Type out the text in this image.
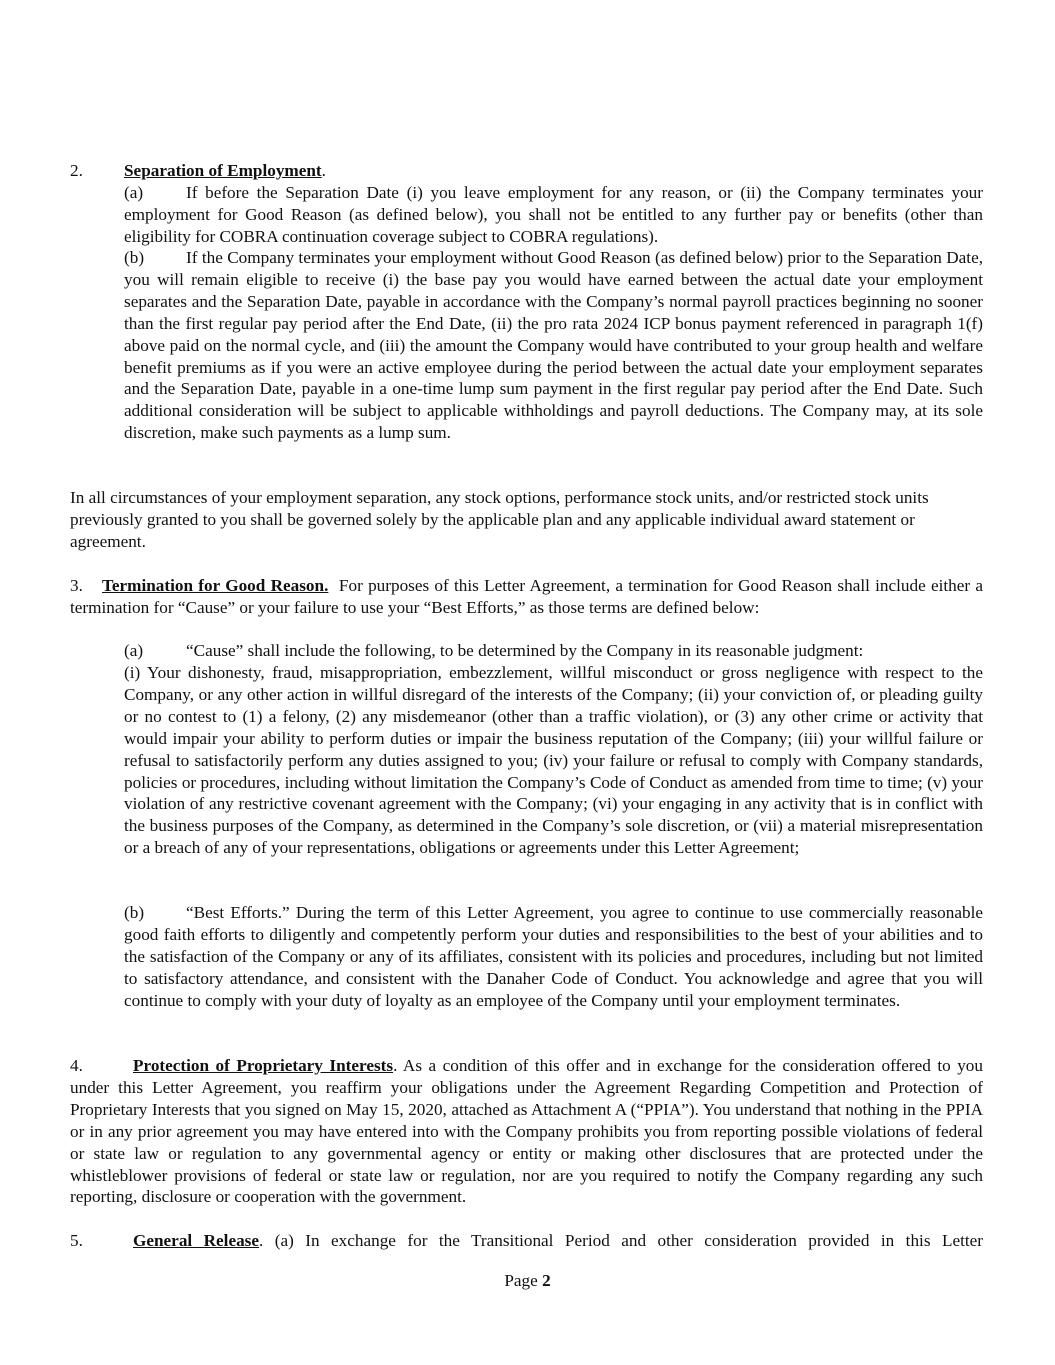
2. Separation of Employment.

(a) If before the Separation Date (i) you leave employment for any reason, or (ii) the Company terminates your employment for Good Reason (as defined below), you shall not be entitled to any further pay or benefits (other than eligibility for COBRA continuation coverage subject to COBRA regulations).

(b) If the Company terminates your employment without Good Reason (as defined below) prior to the Separation Date, you will remain eligible to receive (i) the base pay you would have earned between the actual date your employment separates and the Separation Date, payable in accordance with the Company’s normal payroll practices beginning no sooner than the first regular pay period after the End Date, (ii) the pro rata 2024 ICP bonus payment referenced in paragraph 1(f) above paid on the normal cycle, and (iii) the amount the Company would have contributed to your group health and welfare benefit premiums as if you were an active employee during the period between the actual date your employment separates and the Separation Date, payable in a one-time lump sum payment in the first regular pay period after the End Date. Such additional consideration will be subject to applicable withholdings and payroll deductions. The Company may, at its sole discretion, make such payments as a lump sum.

In all circumstances of your employment separation, any stock options, performance stock units, and/or restricted stock units previously granted to you shall be governed solely by the applicable plan and any applicable individual award statement or agreement.

3. Termination for Good Reason. For purposes of this Letter Agreement, a termination for Good Reason shall include either a termination for “Cause” or your failure to use your “Best Efforts,” as those terms are defined below:

(a) “Cause” shall include the following, to be determined by the Company in its reasonable judgment:

(i) Your dishonesty, fraud, misappropriation, embezzlement, willful misconduct or gross negligence with respect to the Company, or any other action in willful disregard of the interests of the Company; (ii) your conviction of, or pleading guilty or no contest to (1) a felony, (2) any misdemeanor (other than a traffic violation), or (3) any other crime or activity that would impair your ability to perform duties or impair the business reputation of the Company; (iii) your willful failure or refusal to satisfactorily perform any duties assigned to you; (iv) your failure or refusal to comply with Company standards, policies or procedures, including without limitation the Company’s Code of Conduct as amended from time to time; (v) your violation of any restrictive covenant agreement with the Company; (vi) your engaging in any activity that is in conflict with the business purposes of the Company, as determined in the Company’s sole discretion, or (vii) a material misrepresentation or a breach of any of your representations, obligations or agreements under this Letter Agreement;

(b) “Best Efforts.” During the term of this Letter Agreement, you agree to continue to use commercially reasonable good faith efforts to diligently and competently perform your duties and responsibilities to the best of your abilities and to the satisfaction of the Company or any of its affiliates, consistent with its policies and procedures, including but not limited to satisfactory attendance, and consistent with the Danaher Code of Conduct. You acknowledge and agree that you will continue to comply with your duty of loyalty as an employee of the Company until your employment terminates.

4.	Protection of Proprietary Interests. As a condition of this offer and in exchange for the consideration offered to you under this Letter Agreement, you reaffirm your obligations under the Agreement Regarding Competition and Protection of Proprietary Interests that you signed on May 15, 2020, attached as Attachment A (“PPIA”). You understand that nothing in the PPIA or in any prior agreement you may have entered into with the Company prohibits you from reporting possible violations of federal or state law or regulation to any governmental agency or entity or making other disclosures that are protected under the whistleblower provisions of federal or state law or regulation, nor are you required to notify the Company regarding any such reporting, disclosure or cooperation with the government.

5.	General Release. (a) In exchange for the Transitional Period and other consideration provided in this Letter

Page 2
